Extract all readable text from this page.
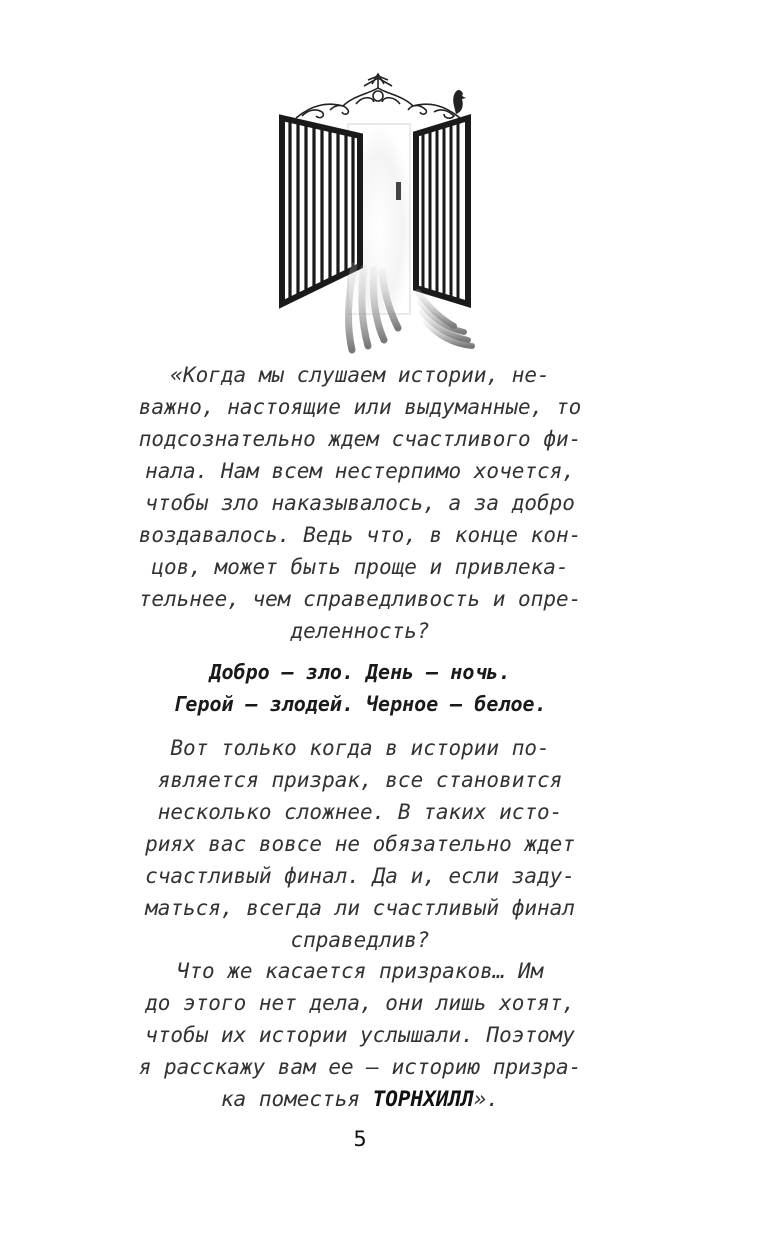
«Когда мы слушаем истории, не-
важно, настоящие или выдуманные, то
подсознательно ждем счастливого фи-
нала. Нам всем нестерпимо хочется,
чтобы зло наказывалось, а за добро
воздавалось. Ведь что, в конце кон-
цов, может быть проще и привлека-
тельнее, чем справедливость и опре-
деленность?
Добро — зло. День — ночь.
Герой — злодей. Черное — белое.
Вот только когда в истории по-
является призрак, все становится
несколько сложнее. В таких исто-
риях вас вовсе не обязательно ждет
счастливый финал. Да и, если заду-
маться, всегда ли счастливый финал
справедлив?
Что же касается призраков… Им
до этого нет дела, они лишь хотят,
чтобы их истории услышали. Поэтому
я расскажу вам ее — историю призра-
ка поместья ТОРНХИЛЛ».
5
